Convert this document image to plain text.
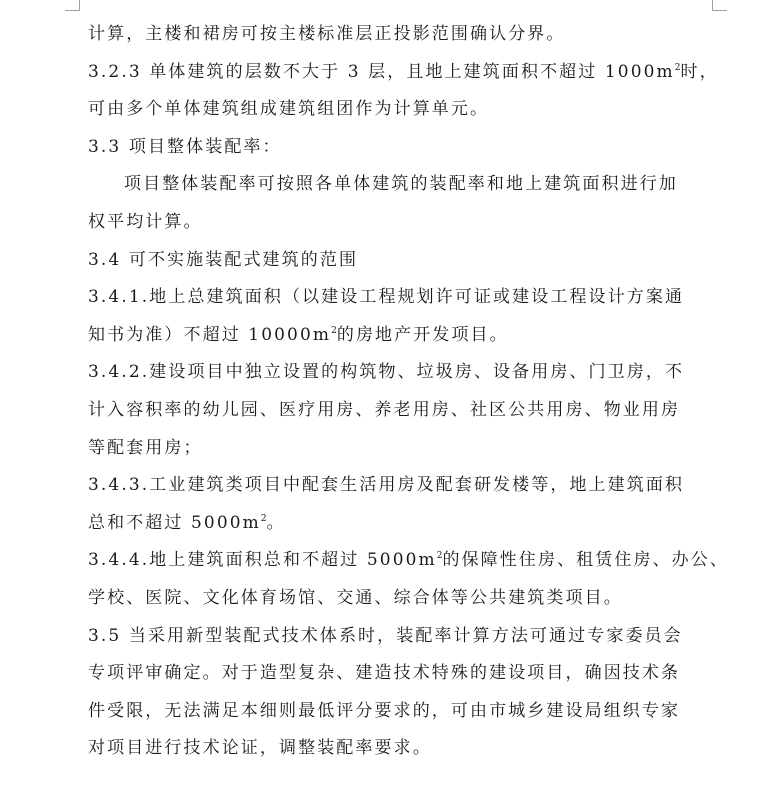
计算，主楼和裙房可按主楼标准层正投影范围确认分界。
3.2.3 单体建筑的层数不大于 3 层，且地上建筑面积不超过 $1000m^2$时，
可由多个单体建筑组成建筑组团作为计算单元。
3.3 项目整体装配率：
项目整体装配率可按照各单体建筑的装配率和地上建筑面积进行加
权平均计算。
3.4 可不实施装配式建筑的范围
3.4.1.地上总建筑面积（以建设工程规划许可证或建设工程设计方案通
知书为准）不超过 $10000m^2$的房地产开发项目。
3.4.2.建设项目中独立设置的构筑物、垃圾房、设备用房、门卫房，不
计入容积率的幼儿园、医疗用房、养老用房、社区公共用房、物业用房
等配套用房；
3.4.3.工业建筑类项目中配套生活用房及配套研发楼等，地上建筑面积
总和不超过 $5000m^2$。
3.4.4.地上建筑面积总和不超过 $5000m^2$的保障性住房、租赁住房、办公、
学校、医院、文化体育场馆、交通、综合体等公共建筑类项目。
3.5 当采用新型装配式技术体系时，装配率计算方法可通过专家委员会
专项评审确定。对于造型复杂、建造技术特殊的建设项目，确因技术条
件受限，无法满足本细则最低评分要求的，可由市城乡建设局组织专家
对项目进行技术论证，调整装配率要求。
